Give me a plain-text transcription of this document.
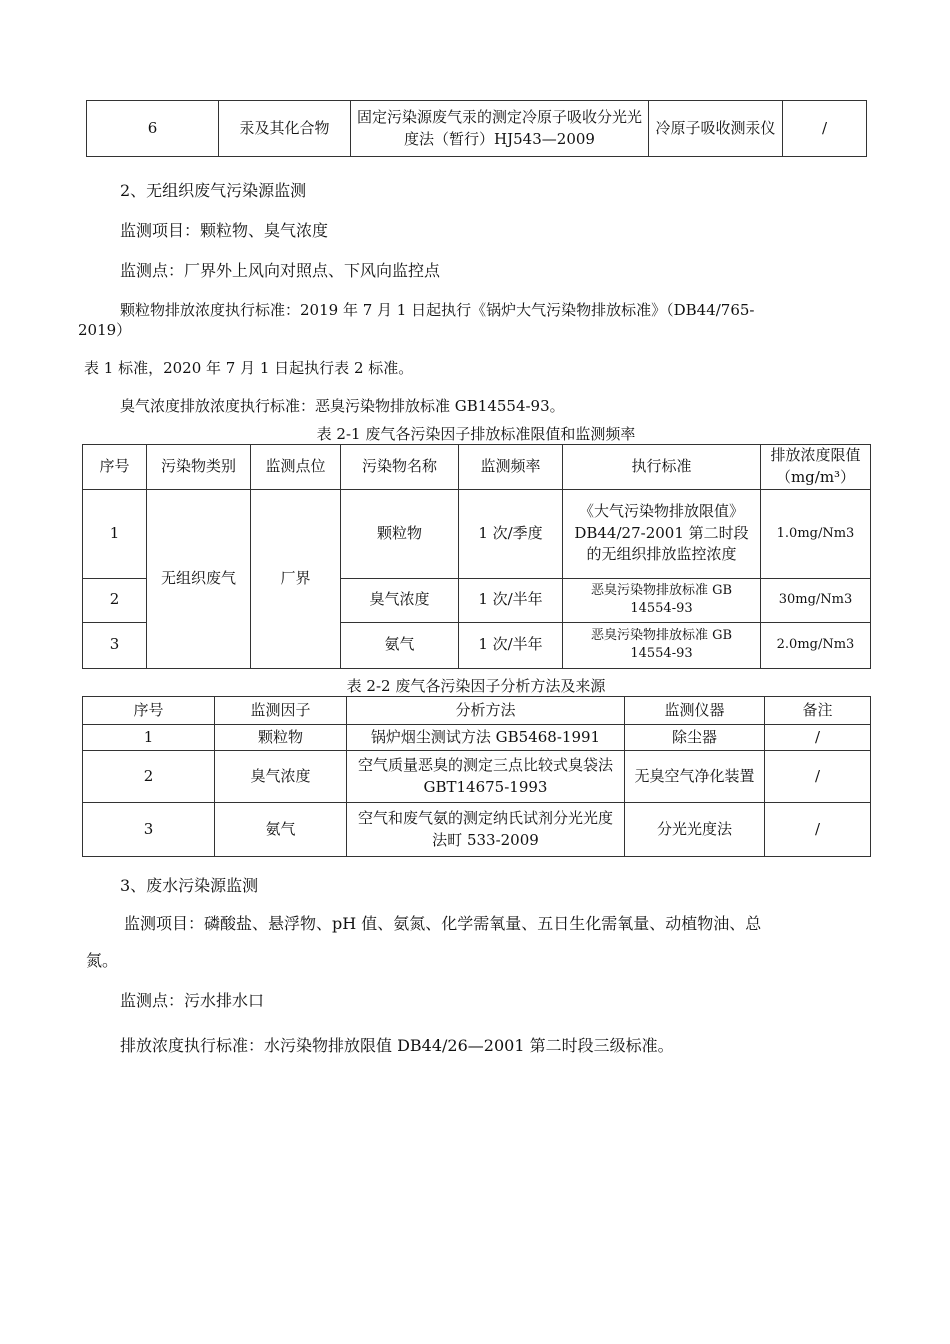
6	汞及其化合物	固定污染源废气汞的测定冷原子吸收分光光度法（暂行）HJ543—2009	冷原子吸收测汞仪	/
2、无组织废气污染源监测
监测项目：颗粒物、臭气浓度
监测点：厂界外上风向对照点、下风向监控点
颗粒物排放浓度执行标准：2019 年 7 月 1 日起执行《锅炉大气污染物排放标准》（DB44/765-
2019）
表 1 标准，2020 年 7 月 1 日起执行表 2 标准。
臭气浓度排放浓度执行标准：恶臭污染物排放标准 GB14554-93。
表 2-1 废气各污染因子排放标准限值和监测频率
序号	污染物类别	监测点位	污染物名称	监测频率	执行标准	排放浓度限值（mg/m³）
1	无组织废气	厂界	颗粒物	1 次/季度	《大气污染物排放限值》DB44/27-2001 第二时段的无组织排放监控浓度	1.0mg/Nm3
2			臭气浓度	1 次/半年	恶臭污染物排放标准 GB 14554-93	30mg/Nm3
3			氨气	1 次/半年	恶臭污染物排放标准 GB 14554-93	2.0mg/Nm3
表 2-2 废气各污染因子分析方法及来源
序号	监测因子	分析方法	监测仪器	备注
1	颗粒物	锅炉烟尘测试方法 GB5468-1991	除尘器	/
2	臭气浓度	空气质量恶臭的测定三点比较式臭袋法 GBT14675-1993	无臭空气净化装置	/
3	氨气	空气和废气氨的测定纳氏试剂分光光度法町 533-2009	分光光度法	/
3、废水污染源监测
监测项目：磷酸盐、悬浮物、pH 值、氨氮、化学需氧量、五日生化需氧量、动植物油、总
氮。
监测点：污水排水口
排放浓度执行标准：水污染物排放限值 DB44/26—2001 第二时段三级标准。
